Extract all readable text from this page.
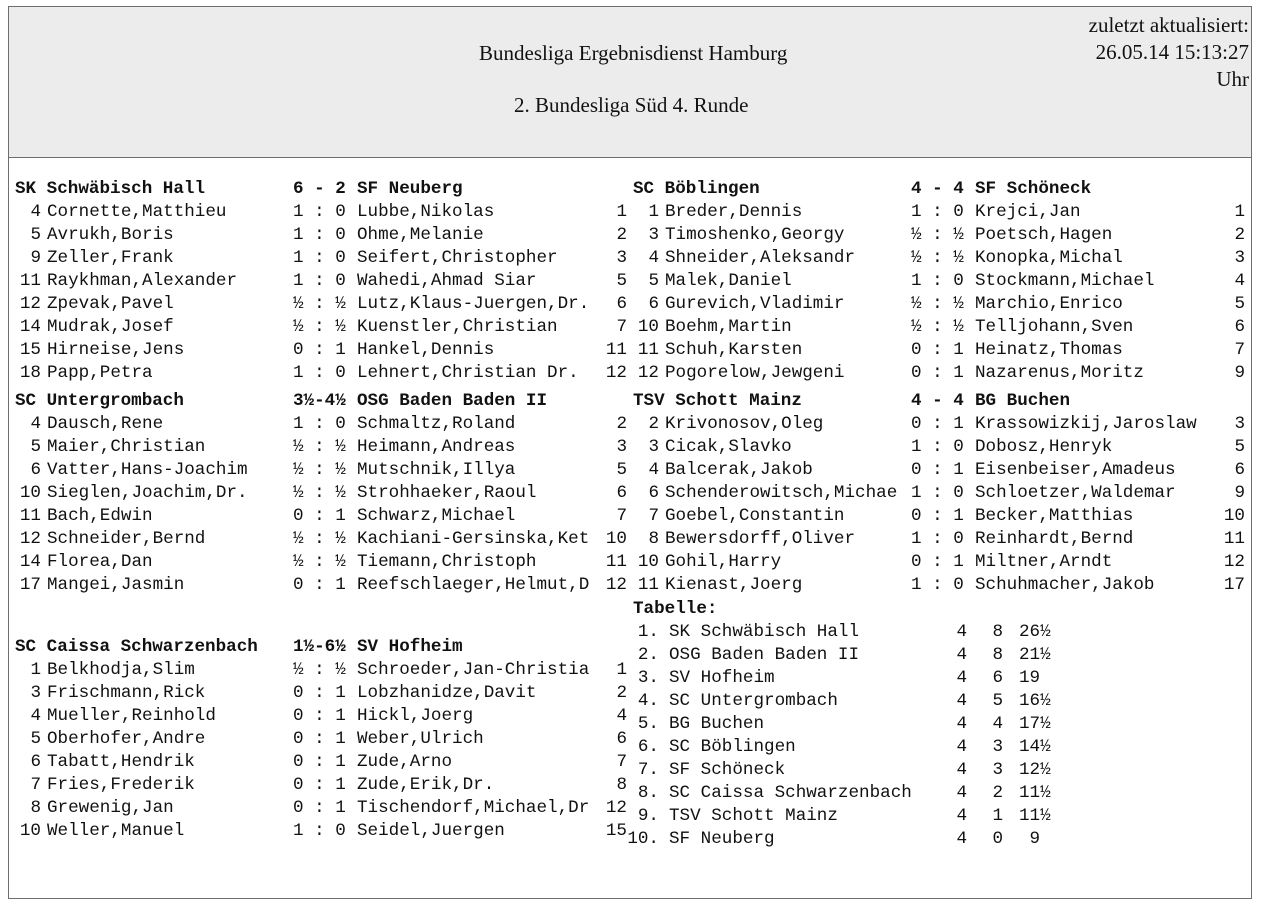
Bundesliga Ergebnisdienst Hamburg
2. Bundesliga Süd 4. Runde
zuletzt aktualisiert:
26.05.14 15:13:27
Uhr
SK Schwäbisch Hall	6 - 2 SF Neuberg
4 Cornette,Matthieu	1 : 0 Lubbe,Nikolas	1
5 Avrukh,Boris	1 : 0 Ohme,Melanie	2
9 Zeller,Frank	1 : 0 Seifert,Christopher	3
11 Raykhman,Alexander	1 : 0 Wahedi,Ahmad Siar	5
12 Zpevak,Pavel	½ : ½ Lutz,Klaus-Juergen,Dr.	6
14 Mudrak,Josef	½ : ½ Kuenstler,Christian	7
15 Hirneise,Jens	0 : 1 Hankel,Dennis	11
18 Papp,Petra	1 : 0 Lehnert,Christian Dr.	12
SC Böblingen	4 - 4 SF Schöneck
1 Breder,Dennis	1 : 0 Krejci,Jan	1
3 Timoshenko,Georgy	½ : ½ Poetsch,Hagen	2
4 Shneider,Aleksandr	½ : ½ Konopka,Michal	3
5 Malek,Daniel	1 : 0 Stockmann,Michael	4
6 Gurevich,Vladimir	½ : ½ Marchio,Enrico	5
10 Boehm,Martin	½ : ½ Telljohann,Sven	6
11 Schuh,Karsten	0 : 1 Heinatz,Thomas	7
12 Pogorelow,Jewgeni	0 : 1 Nazarenus,Moritz	9
SC Untergrombach	3½-4½ OSG Baden Baden II
4 Dausch,Rene	1 : 0 Schmaltz,Roland	2
5 Maier,Christian	½ : ½ Heimann,Andreas	3
6 Vatter,Hans-Joachim	½ : ½ Mutschnik,Illya	5
10 Sieglen,Joachim,Dr.	½ : ½ Strohhaeker,Raoul	6
11 Bach,Edwin	0 : 1 Schwarz,Michael	7
12 Schneider,Bernd	½ : ½ Kachiani-Gersinska,Ket 10
14 Florea,Dan	½ : ½ Tiemann,Christoph	11
17 Mangei,Jasmin	0 : 1 Reefschlaeger,Helmut,D 12
TSV Schott Mainz	4 - 4 BG Buchen
2 Krivonosov,Oleg	0 : 1 Krassowizkij,Jaroslaw	3
3 Cicak,Slavko	1 : 0 Dobosz,Henryk	5
4 Balcerak,Jakob	0 : 1 Eisenbeiser,Amadeus	6
6 Schenderowitsch,Michae 1 : 0 Schloetzer,Waldemar	9
7 Goebel,Constantin	0 : 1 Becker,Matthias	10
8 Bewersdorff,Oliver	1 : 0 Reinhardt,Bernd	11
10 Gohil,Harry	0 : 1 Miltner,Arndt	12
11 Kienast,Joerg	1 : 0 Schuhmacher,Jakob	17
SC Caissa Schwarzenbach 1½-6½ SV Hofheim
1 Belkhodja,Slim	½ : ½ Schroeder,Jan-Christia	1
3 Frischmann,Rick	0 : 1 Lobzhanidze,Davit	2
4 Mueller,Reinhold	0 : 1 Hickl,Joerg	4
5 Oberhofer,Andre	0 : 1 Weber,Ulrich	6
6 Tabatt,Hendrik	0 : 1 Zude,Arno	7
7 Fries,Frederik	0 : 1 Zude,Erik,Dr.	8
8 Grewenig,Jan	0 : 1 Tischendorf,Michael,Dr 12
10 Weller,Manuel	1 : 0 Seidel,Juergen	15
Tabelle:
1. SK Schwäbisch Hall	4	8 26½
2. OSG Baden Baden II	4	8 21½
3. SV Hofheim	4	6 19
4. SC Untergrombach	4	5 16½
5. BG Buchen	4	4 17½
6. SC Böblingen	4	3 14½
7. SF Schöneck	4	3 12½
8. SC Caissa Schwarzenbach	4	2 11½
9. TSV Schott Mainz	4	1 11½
10. SF Neuberg	4	0 9
